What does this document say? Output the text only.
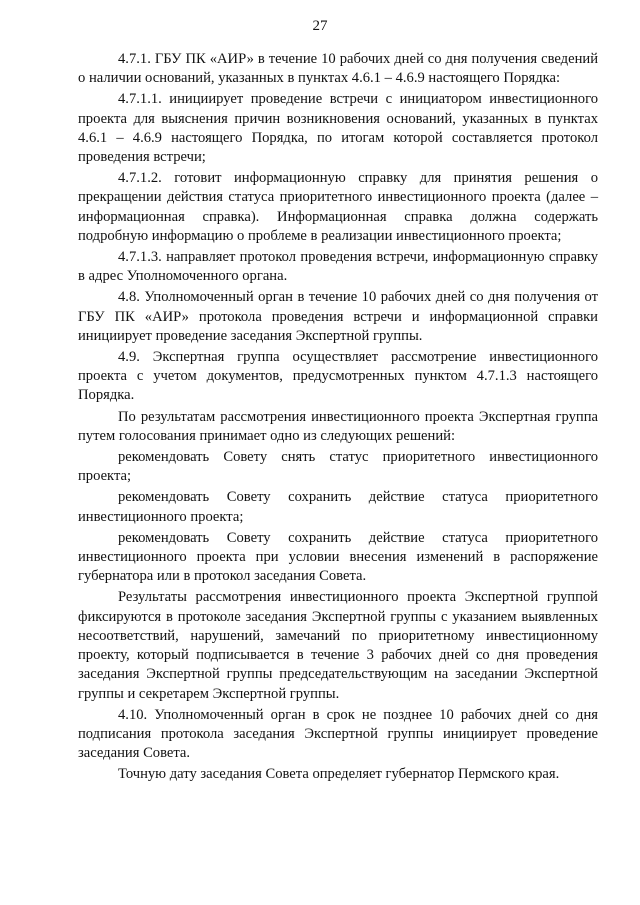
27

4.7.1. ГБУ ПК «АИР» в течение 10 рабочих дней со дня получения сведений о наличии оснований, указанных в пунктах 4.6.1 – 4.6.9 настоящего Порядка:

4.7.1.1. инициирует проведение встречи с инициатором инвестиционного проекта для выяснения причин возникновения оснований, указанных в пунктах 4.6.1 – 4.6.9 настоящего Порядка, по итогам которой составляется протокол проведения встречи;

4.7.1.2. готовит информационную справку для принятия решения о прекращении действия статуса приоритетного инвестиционного проекта (далее – информационная справка). Информационная справка должна содержать подробную информацию о проблеме в реализации инвестиционного проекта;

4.7.1.3. направляет протокол проведения встречи, информационную справку в адрес Уполномоченного органа.

4.8. Уполномоченный орган в течение 10 рабочих дней со дня получения от ГБУ ПК «АИР» протокола проведения встречи и информационной справки инициирует проведение заседания Экспертной группы.

4.9. Экспертная группа осуществляет рассмотрение инвестиционного проекта с учетом документов, предусмотренных пунктом 4.7.1.3 настоящего Порядка.

По результатам рассмотрения инвестиционного проекта Экспертная группа путем голосования принимает одно из следующих решений:

рекомендовать Совету снять статус приоритетного инвестиционного проекта;

рекомендовать Совету сохранить действие статуса приоритетного инвестиционного проекта;

рекомендовать Совету сохранить действие статуса приоритетного инвестиционного проекта при условии внесения изменений в распоряжение губернатора или в протокол заседания Совета.

Результаты рассмотрения инвестиционного проекта Экспертной группой фиксируются в протоколе заседания Экспертной группы с указанием выявленных несоответствий, нарушений, замечаний по приоритетному инвестиционному проекту, который подписывается в течение 3 рабочих дней со дня проведения заседания Экспертной группы председательствующим на заседании Экспертной группы и секретарем Экспертной группы.

4.10. Уполномоченный орган в срок не позднее 10 рабочих дней со дня подписания протокола заседания Экспертной группы инициирует проведение заседания Совета.

Точную дату заседания Совета определяет губернатор Пермского края.
